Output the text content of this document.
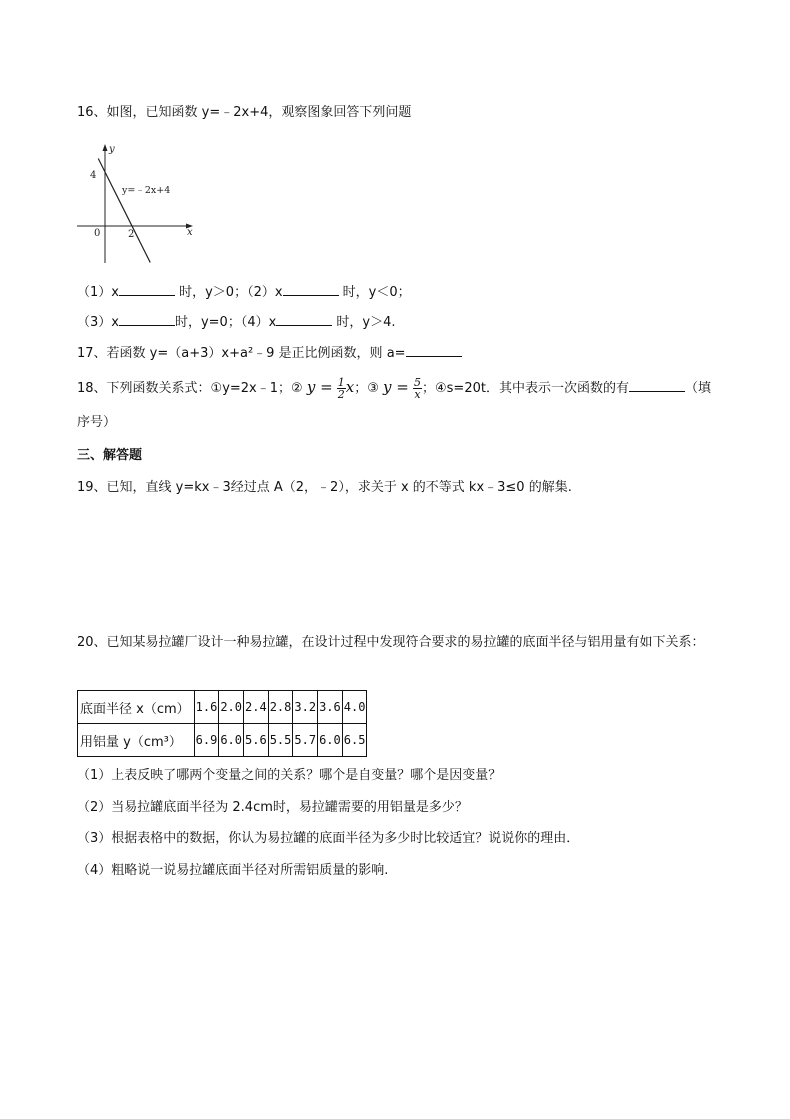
16、如图，已知函数 y=﹣2x+4，观察图象回答下列问题
y
x
4
0	2
y=﹣2x+4
（1）x	时，y＞0；（2）x	时，y＜0；
（3）x	时，y=0；（4）x	时，y＞4.
17、若函数 y=（a+3）x+a²﹣9 是正比例函数，则 a=
18、下列函数关系式：①y=2x﹣1；② $y = \frac{1}{2}$ x；③ $y = \frac{5}{x}$ ；④s=20t．其中表示一次函数的有	（填
序号）
三、解答题
19、已知，直线 y=kx﹣3经过点 A（2，﹣2），求关于 x 的不等式 kx﹣3≤0 的解集.
20、已知某易拉罐厂设计一种易拉罐，在设计过程中发现符合要求的易拉罐的底面半径与铝用量有如下关系：
底面半径 x（cm）	1.6	2.0	2.4	2.8	3.2	3.6	4.0
用铝量 y（cm³）	6.9	6.0	5.6	5.5	5.7	6.0	6.5
（1）上表反映了哪两个变量之间的关系？哪个是自变量？哪个是因变量？
（2）当易拉罐底面半径为 2.4cm时，易拉罐需要的用铝量是多少？
（3）根据表格中的数据，你认为易拉罐的底面半径为多少时比较适宜？说说你的理由．
（4）粗略说一说易拉罐底面半径对所需铝质量的影响.
